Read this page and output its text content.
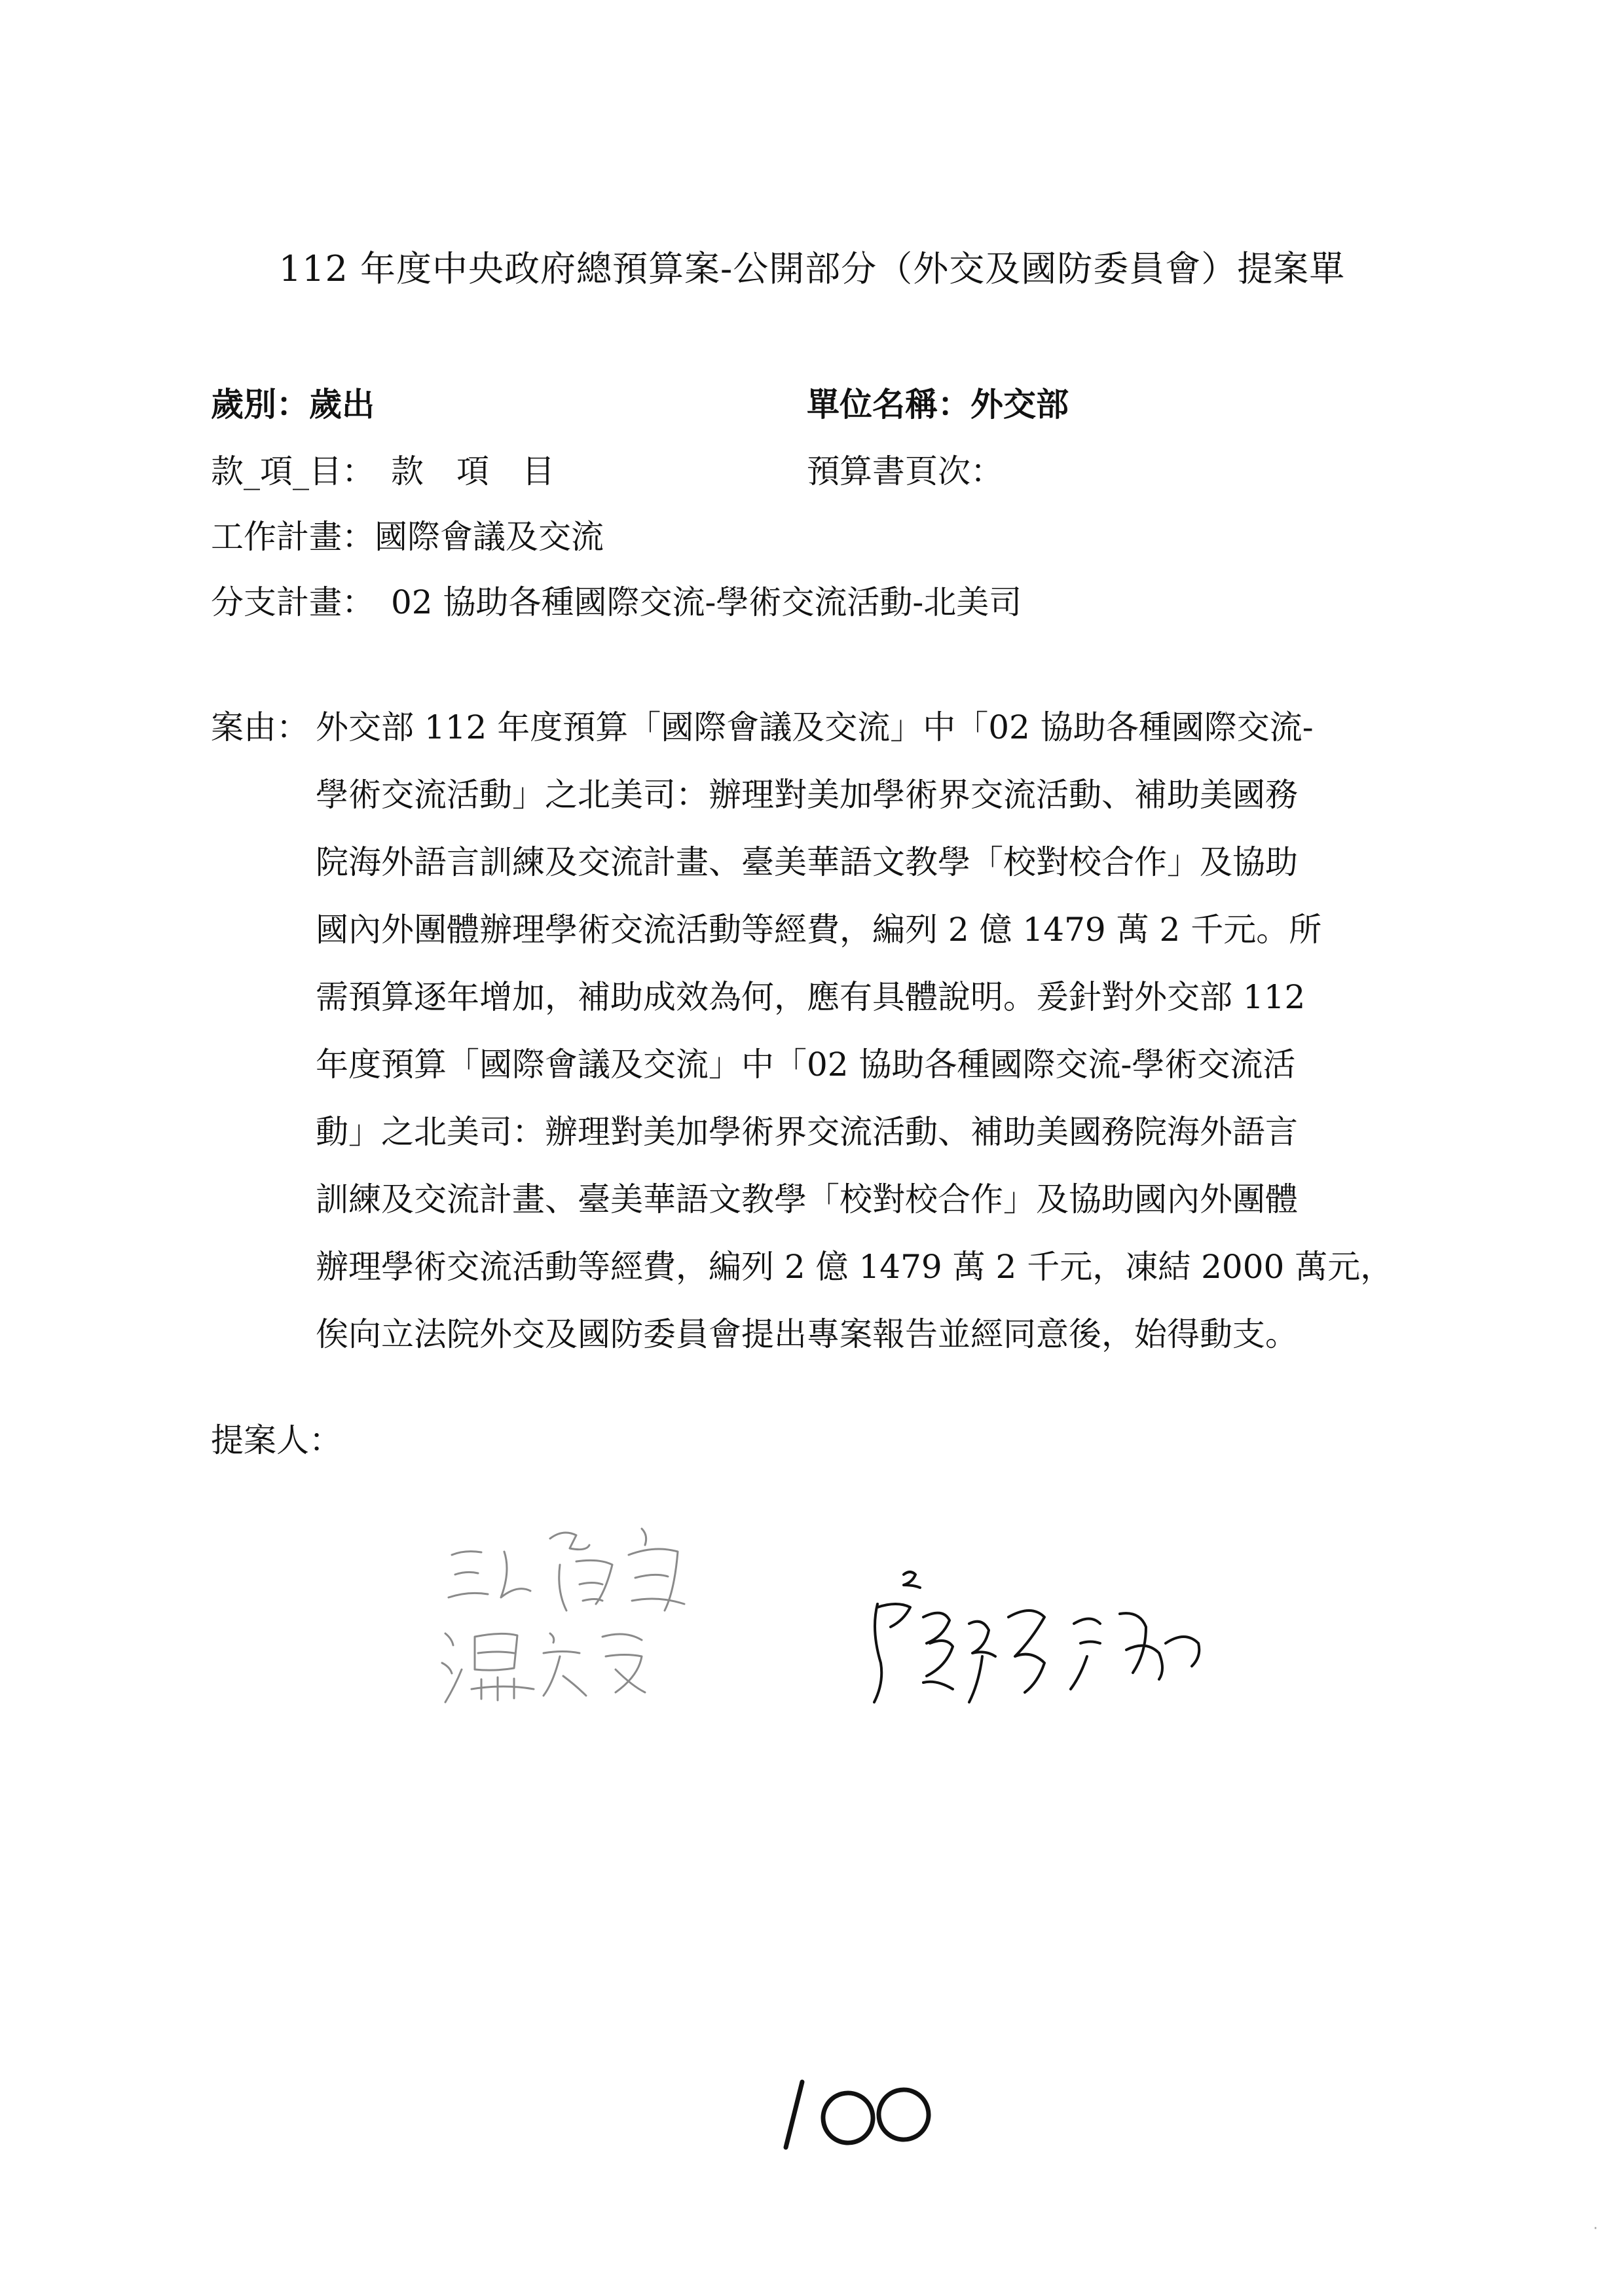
112 年度中央政府總預算案-公開部分（外交及國防委員會）提案單
歲別：歲出	單位名稱：外交部
款_項_目：　款　項　目	預算書頁次：
工作計畫：國際會議及交流
分支計畫：　02 協助各種國際交流-學術交流活動-北美司
案由： 外交部 112 年度預算「國際會議及交流」中「02 協助各種國際交流-
學術交流活動」之北美司：辦理對美加學術界交流活動、補助美國務
院海外語言訓練及交流計畫、臺美華語文教學「校對校合作」及協助
國內外團體辦理學術交流活動等經費，編列 2 億 1479 萬 2 千元。所
需預算逐年增加，補助成效為何，應有具體說明。爰針對外交部 112
年度預算「國際會議及交流」中「02 協助各種國際交流-學術交流活
動」之北美司：辦理對美加學術界交流活動、補助美國務院海外語言
訓練及交流計畫、臺美華語文教學「校對校合作」及協助國內外團體
辦理學術交流活動等經費，編列 2 億 1479 萬 2 千元，凍結 2000 萬元，
俟向立法院外交及國防委員會提出專案報告並經同意後，始得動支。
提案人：
100
·
